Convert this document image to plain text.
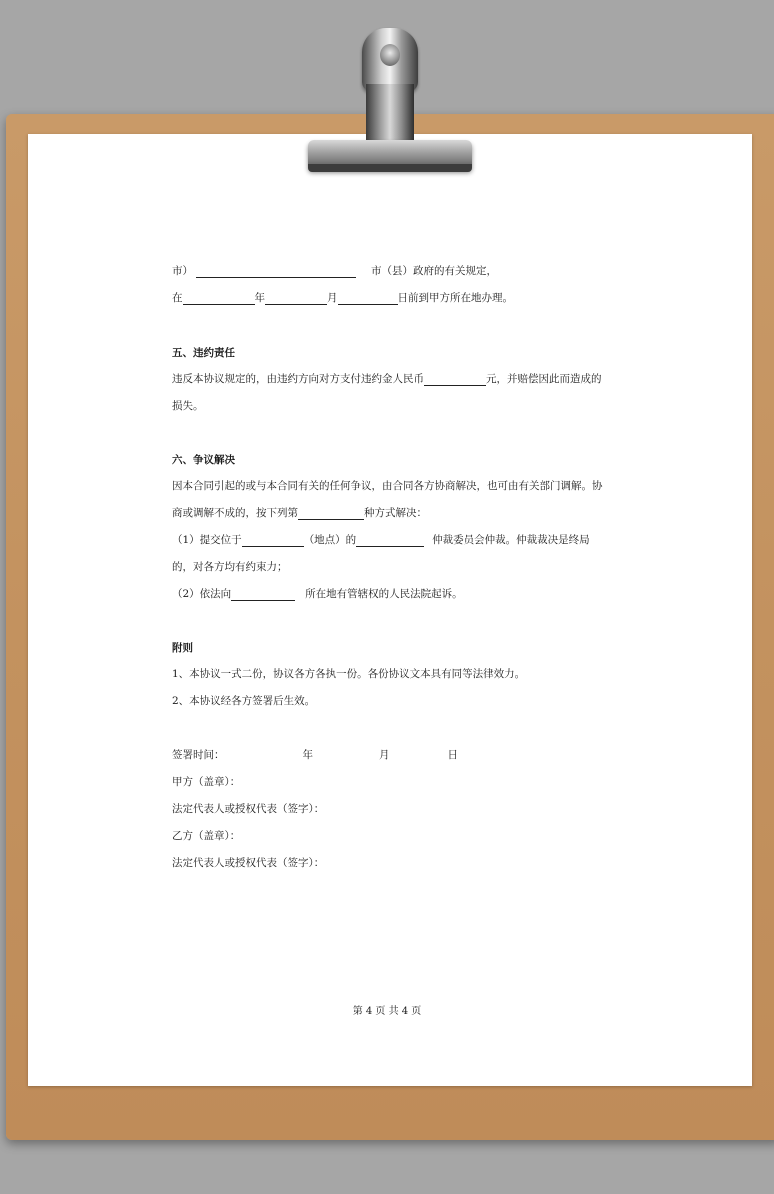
市）	市（县）政府的有关规定，
在	年	月	日前到甲方所在地办理。
五、违约责任
违反本协议规定的，由违约方向对方支付违约金人民币	元，并赔偿因此而造成的
损失。
六、争议解决
因本合同引起的或与本合同有关的任何争议，由合同各方协商解决，也可由有关部门调解。协
商或调解不成的，按下列第	种方式解决：
（1）提交位于	（地点）的	仲裁委员会仲裁。仲裁裁决是终局
的，对各方均有约束力；
（2）依法向	所在地有管辖权的人民法院起诉。
附则
1、本协议一式二份，协议各方各执一份。各份协议文本具有同等法律效力。
2、本协议经各方签署后生效。
签署时间：	年	月	日
甲方（盖章）：
法定代表人或授权代表（签字）：
乙方（盖章）：
法定代表人或授权代表（签字）：
第 4 页 共 4 页
